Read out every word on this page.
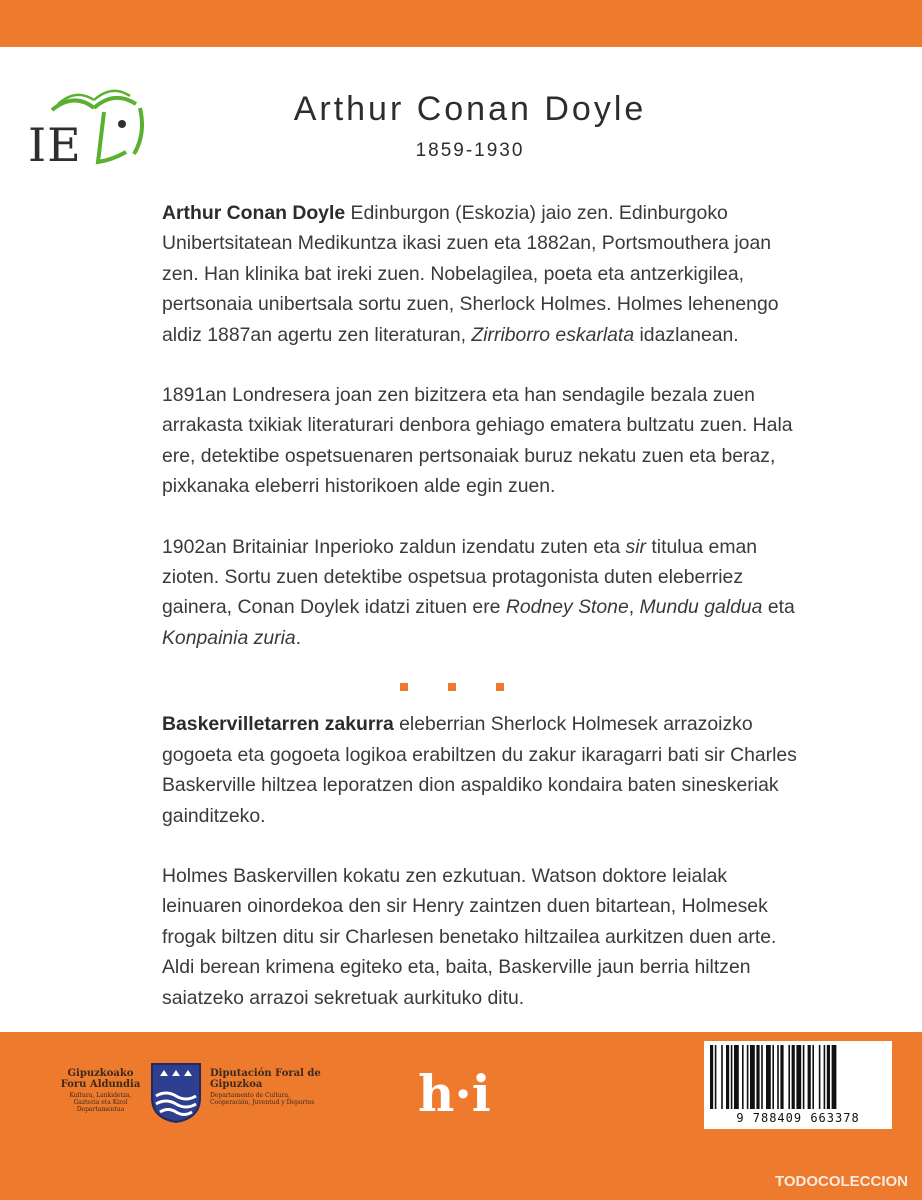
IE
Arthur Conan Doyle
1859-1930

Arthur Conan Doyle Edinburgon (Eskozia) jaio zen. Edinburgoko Unibertsitatean Medikuntza ikasi zuen eta 1882an, Portsmouthera joan zen. Han klinika bat ireki zuen. Nobelagilea, poeta eta antzerkigilea, pertsonaia unibertsala sortu zuen, Sherlock Holmes. Holmes lehenengo aldiz 1887an agertu zen literaturan, Zirriborro eskarlata idazlanean.

1891an Londresera joan zen bizitzera eta han sendagile bezala zuen arrakasta txikiak literaturari denbora gehiago ematera bultzatu zuen. Hala ere, detektibe ospetsuenaren pertsonaiak buruz nekatu zuen eta beraz, pixkanaka eleberri historikoen alde egin zuen.

1902an Britainiar Inperioko zaldun izendatu zuten eta sir titulua eman zioten. Sortu zuen detektibe ospetsua protagonista duten eleberriez gainera, Conan Doylek idatzi zituen ere Rodney Stone, Mundu galdua eta Konpainia zuria.

Baskervilletarren zakurra eleberrian Sherlock Holmesek arrazoizko gogoeta eta gogoeta logikoa erabiltzen du zakur ikaragarri bati sir Charles Baskerville hiltzea leporatzen dion aspaldiko kondaira baten sineskeriak gainditzeko.

Holmes Baskervillen kokatu zen ezkutuan. Watson doktore leialak leinuaren oinordekoa den sir Henry zaintzen duen bitartean, Holmesek frogak biltzen ditu sir Charlesen benetako hiltzailea aurkitzen duen arte. Aldi berean krimena egiteko eta, baita, Baskerville jaun berria hiltzen saiatzeko arrazoi sekretuak aurkituko ditu.

Gipuzkoako Foru Aldundia
Kultura, Lankidetza, Gazteria eta Kirol Departamentua
Diputación Foral de Gipuzkoa
Departamento de Cultura, Cooperación, Juventud y Deportes	h·i	9 788409 663378
TODOCOLECCION
